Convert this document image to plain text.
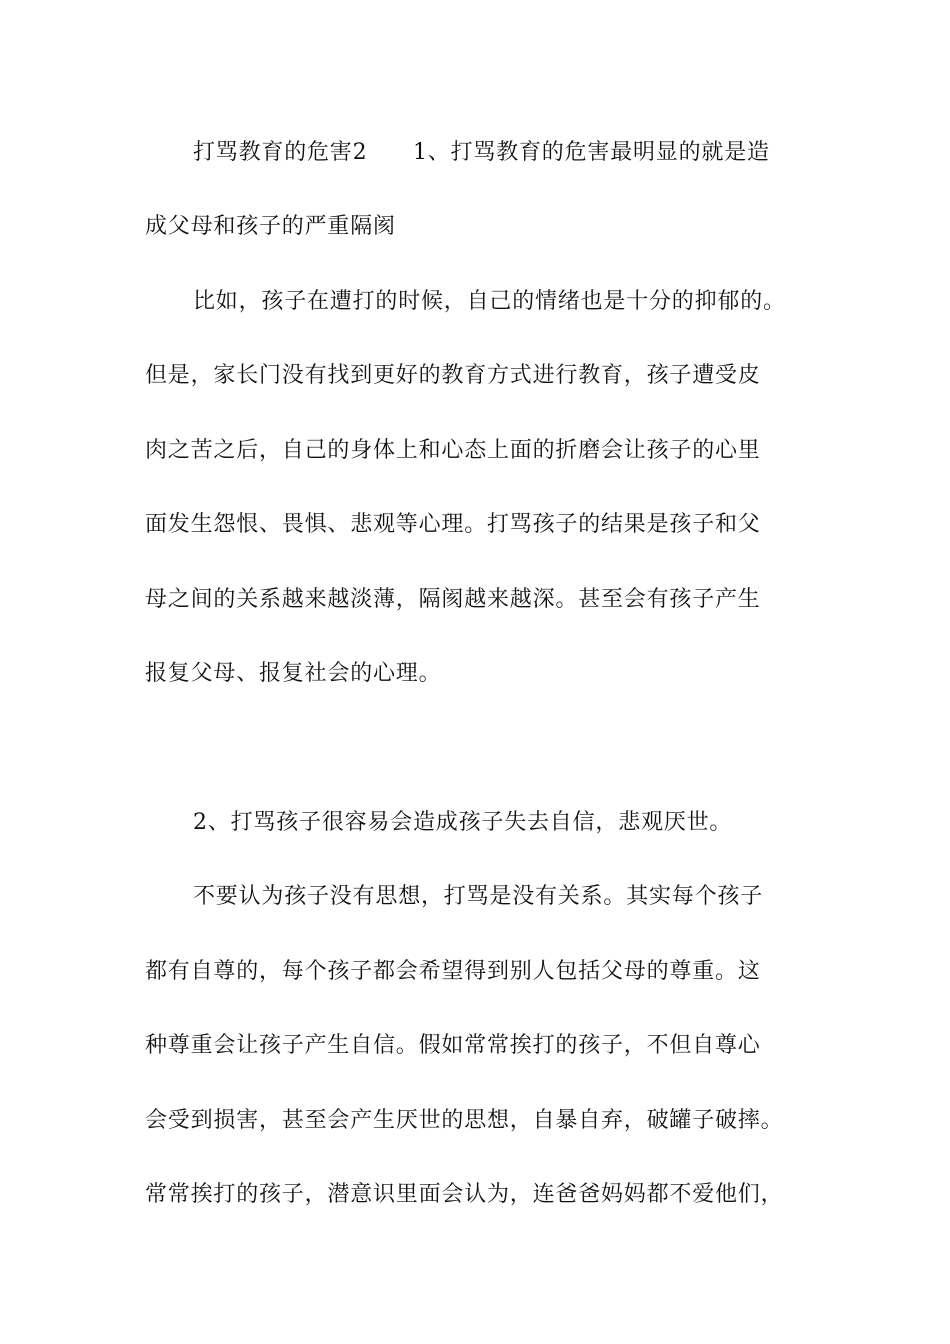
打骂教育的危害2　　1、打骂教育的危害最明显的就是造
成父母和孩子的严重隔阂
比如，孩子在遭打的时候，自己的情绪也是十分的抑郁的。
但是，家长门没有找到更好的教育方式进行教育，孩子遭受皮
肉之苦之后，自己的身体上和心态上面的折磨会让孩子的心里
面发生怨恨、畏惧、悲观等心理。打骂孩子的结果是孩子和父
母之间的关系越来越淡薄，隔阂越来越深。甚至会有孩子产生
报复父母、报复社会的心理。
2、打骂孩子很容易会造成孩子失去自信，悲观厌世。
不要认为孩子没有思想，打骂是没有关系。其实每个孩子
都有自尊的，每个孩子都会希望得到别人包括父母的尊重。这
种尊重会让孩子产生自信。假如常常挨打的孩子，不但自尊心
会受到损害，甚至会产生厌世的思想，自暴自弃，破罐子破摔。
常常挨打的孩子，潜意识里面会认为，连爸爸妈妈都不爱他们，
